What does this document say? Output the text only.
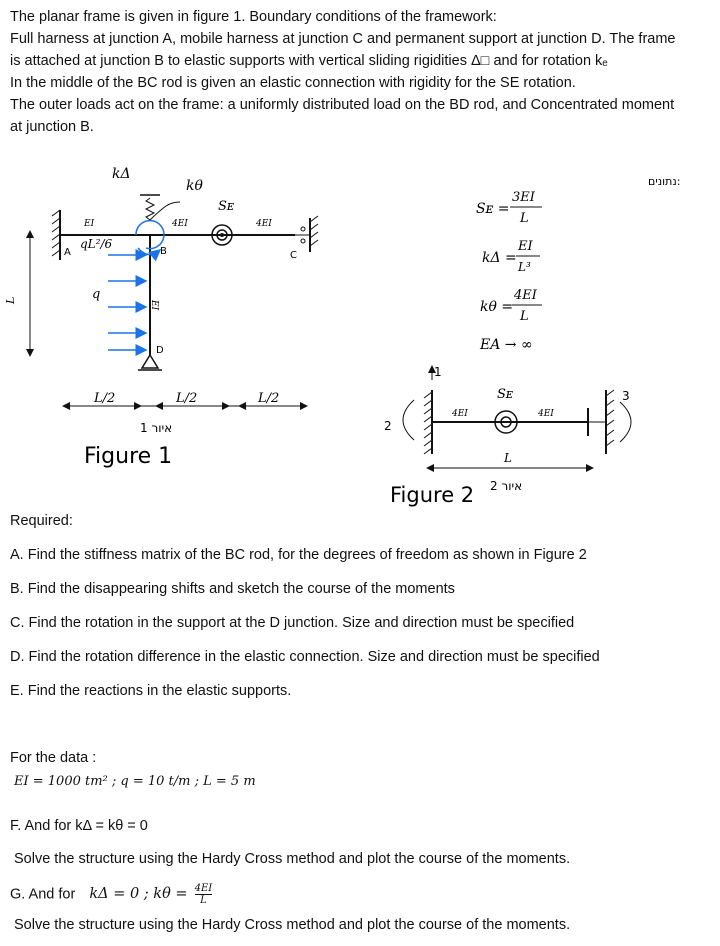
The planar frame is given in figure 1. Boundary conditions of the framework:
Full harness at junction A, mobile harness at junction C and permanent support at junction D. The frame
is attached at junction B to elastic supports with vertical sliding rigidities Δ□ and for rotation kₑ
In the middle of the BC rod is given an elastic connection with rigidity for the SE rotation.
The outer loads act on the frame: a uniformly distributed load on the BD rod, and Concentrated moment
at junction B.
kΔ
kθ
Sᴇ
EI	4EI	4EI
EI
qL²/6
q
L
A	B	C
D
L/2	L/2	L/2
איור 1
Figure 1
נתונים:
Sᴇ =
3EI
L
kΔ =
EI
L³
kθ =
4EI
L
EA → ∞
1
2
3
Sᴇ
4EI	4EI
L
איור 2
Figure 2
Required:
A. Find the stiffness matrix of the BC rod, for the degrees of freedom as shown in Figure 2
B. Find the disappearing shifts and sketch the course of the moments
C. Find the rotation in the support at the D junction. Size and direction must be specified
D. Find the rotation difference in the elastic connection. Size and direction must be specified
E. Find the reactions in the elastic supports.
For the data :
EI = 1000 tm² ; q = 10 t/m ; L = 5 m
F. And for kΔ = kθ = 0
Solve the structure using the Hardy Cross method and plot the course of the moments.
G. And for kΔ = 0 ; $k\theta = \frac{4EI}{L}$
Solve the structure using the Hardy Cross method and plot the course of the moments.
